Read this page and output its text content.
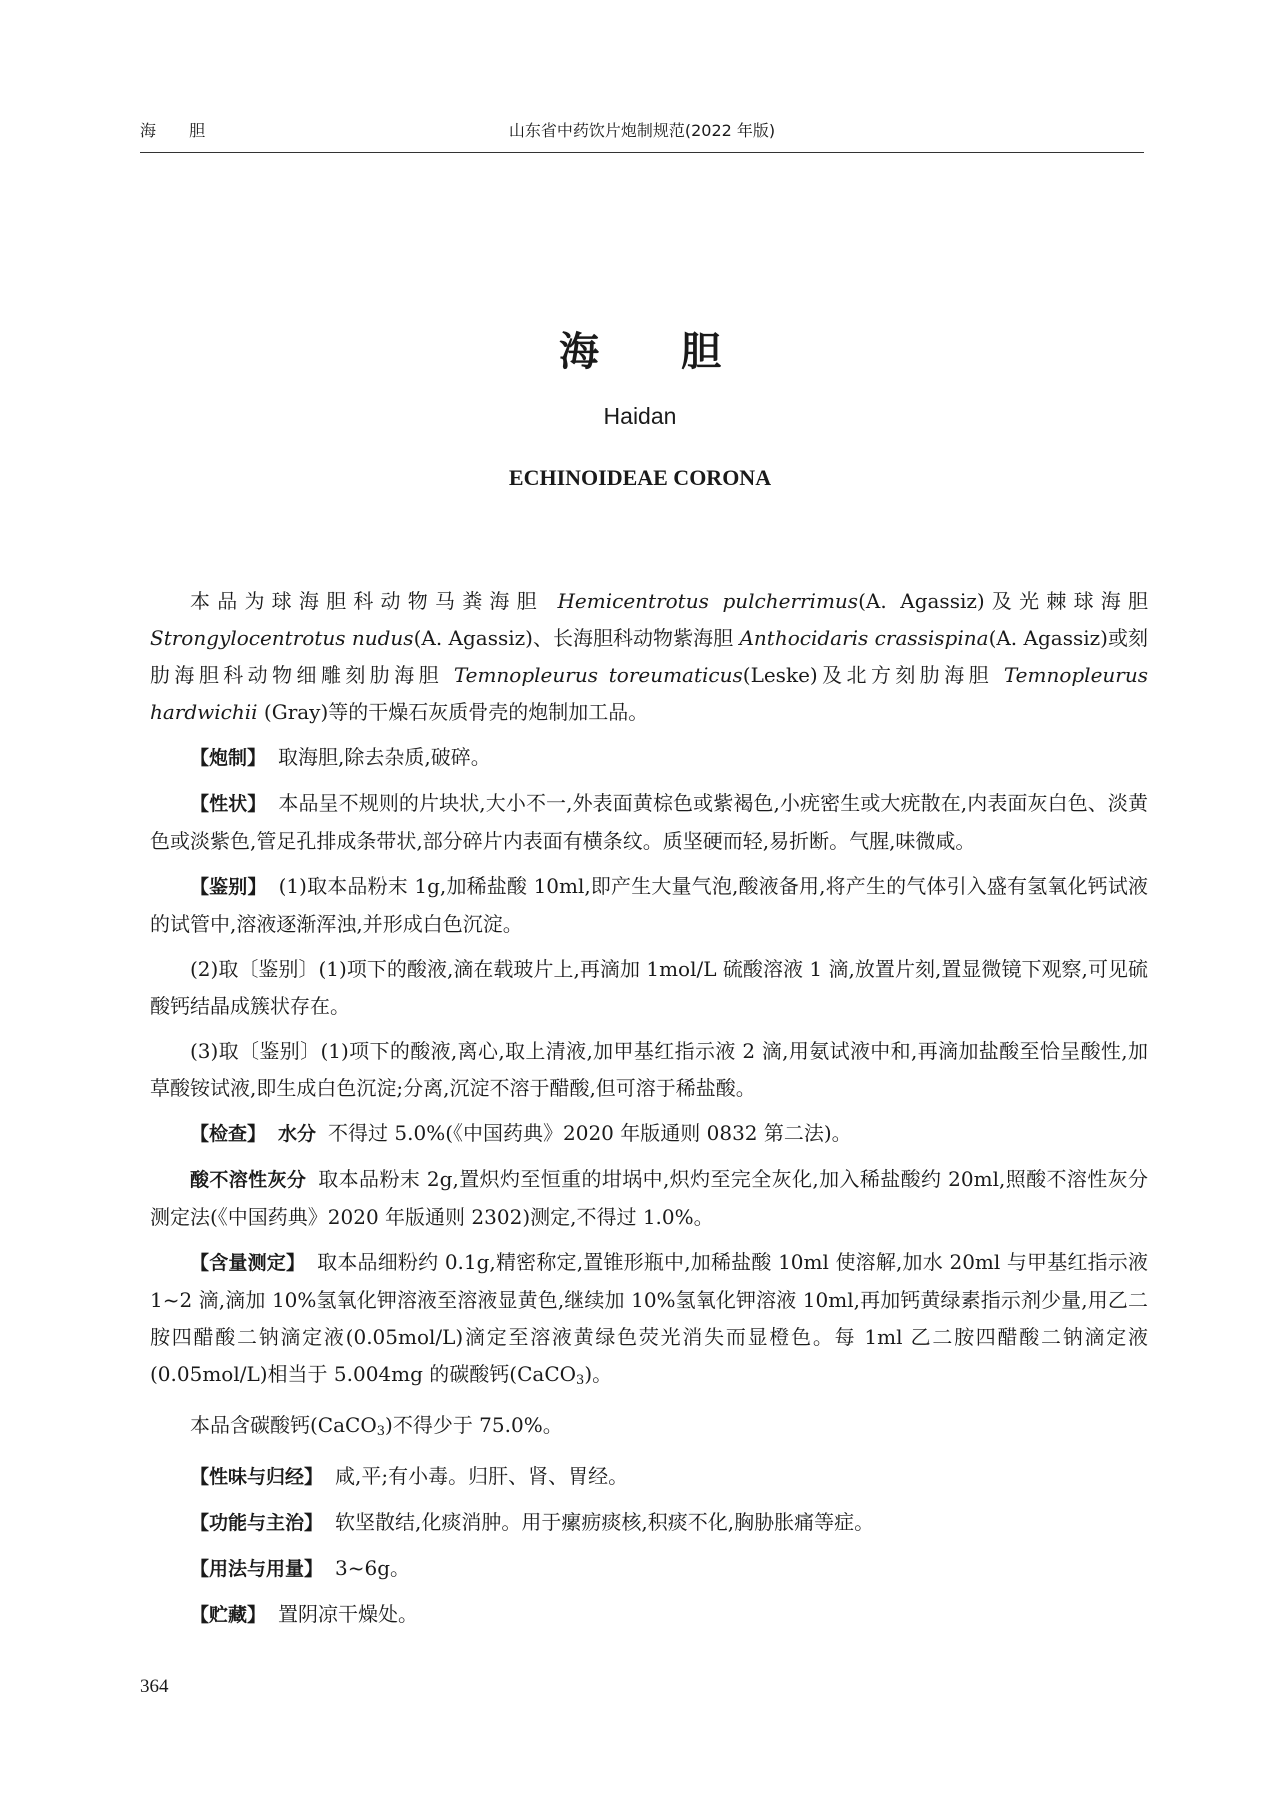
海 胆	山东省中药饮片炮制规范(2022 年版)
海 胆
Haidan
ECHINOIDEAE CORONA

本品为球海胆科动物马粪海胆 Hemicentrotus pulcherrimus(A. Agassiz)及光棘球海胆 Strongylocentrotus nudus(A. Agassiz)、长海胆科动物紫海胆 Anthocidaris crassispina(A. Agassiz)或刻肋海胆科动物细雕刻肋海胆 Temnopleurus toreumaticus(Leske)及北方刻肋海胆 Temnopleurus hardwichii (Gray)等的干燥石灰质骨壳的炮制加工品。

【炮制】 取海胆,除去杂质,破碎。

【性状】 本品呈不规则的片块状,大小不一,外表面黄棕色或紫褐色,小疣密生或大疣散在,内表面灰白色、淡黄色或淡紫色,管足孔排成条带状,部分碎片内表面有横条纹。质坚硬而轻,易折断。气腥,味微咸。

【鉴别】 (1)取本品粉末 1g,加稀盐酸 10ml,即产生大量气泡,酸液备用,将产生的气体引入盛有氢氧化钙试液的试管中,溶液逐渐浑浊,并形成白色沉淀。

(2)取〔鉴别〕(1)项下的酸液,滴在载玻片上,再滴加 1mol/L 硫酸溶液 1 滴,放置片刻,置显微镜下观察,可见硫酸钙结晶成簇状存在。

(3)取〔鉴别〕(1)项下的酸液,离心,取上清液,加甲基红指示液 2 滴,用氨试液中和,再滴加盐酸至恰呈酸性,加草酸铵试液,即生成白色沉淀;分离,沉淀不溶于醋酸,但可溶于稀盐酸。

【检查】 水分 不得过 5.0%(《中国药典》2020 年版通则 0832 第二法)。

酸不溶性灰分 取本品粉末 2g,置炽灼至恒重的坩埚中,炽灼至完全灰化,加入稀盐酸约 20ml,照酸不溶性灰分测定法(《中国药典》2020 年版通则 2302)测定,不得过 1.0%。

【含量测定】 取本品细粉约 0.1g,精密称定,置锥形瓶中,加稀盐酸 10ml 使溶解,加水 20ml 与甲基红指示液 1~2 滴,滴加 10%氢氧化钾溶液至溶液显黄色,继续加 10%氢氧化钾溶液 10ml,再加钙黄绿素指示剂少量,用乙二胺四醋酸二钠滴定液(0.05mol/L)滴定至溶液黄绿色荧光消失而显橙色。每 1ml 乙二胺四醋酸二钠滴定液(0.05mol/L)相当于 5.004mg 的碳酸钙(CaCO$_3$)。

本品含碳酸钙(CaCO$_3$)不得少于 75.0%。

【性味与归经】 咸,平;有小毒。归肝、肾、胃经。

【功能与主治】 软坚散结,化痰消肿。用于瘰疬痰核,积痰不化,胸胁胀痛等症。

【用法与用量】 3~6g。

【贮藏】 置阴凉干燥处。

364
